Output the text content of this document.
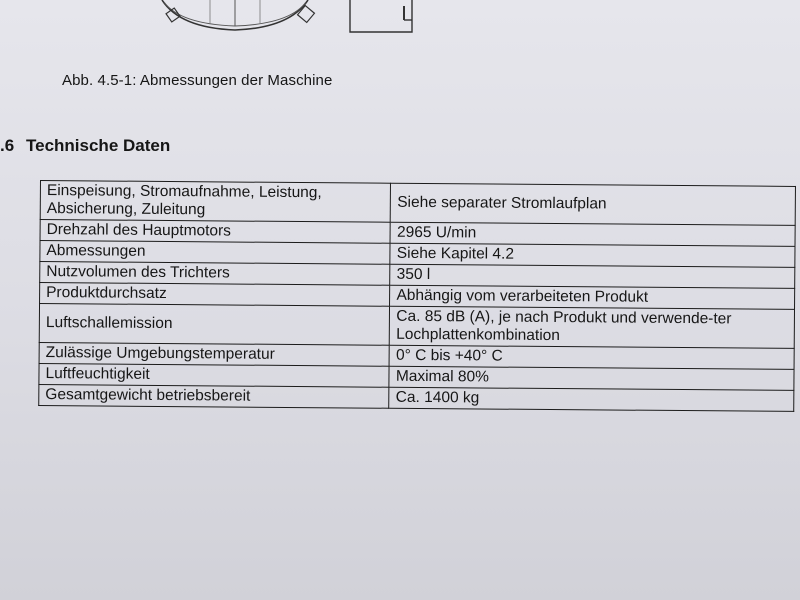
Abb. 4.5-1: Abmessungen der Maschine
.6 Technische Daten
Einspeisung, Stromaufnahme, Leistung, Absicherung, Zuleitung	Siehe separater Stromlaufplan
Drehzahl des Hauptmotors	2965 U/min
Abmessungen	Siehe Kapitel 4.2
Nutzvolumen des Trichters	350 l
Produktdurchsatz	Abhängig vom verarbeiteten Produkt
Luftschallemission	Ca. 85 dB (A), je nach Produkt und verwende-ter Lochplattenkombination
Zulässige Umgebungstemperatur	0° C bis +40° C
Luftfeuchtigkeit	Maximal 80%
Gesamtgewicht betriebsbereit	Ca. 1400 kg
